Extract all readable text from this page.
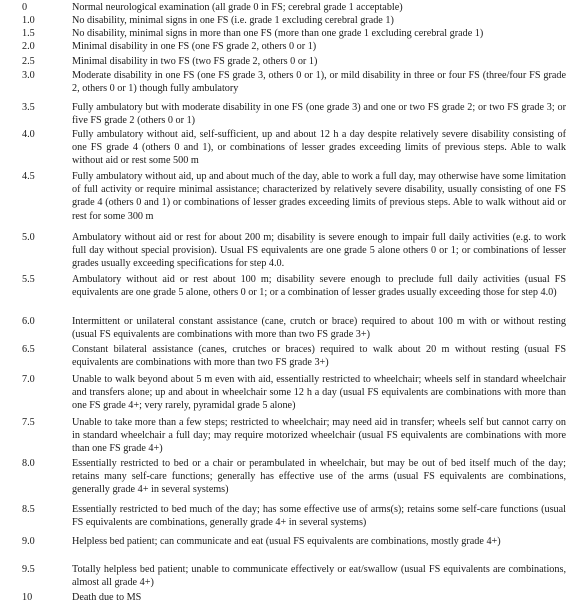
0	Normal neurological examination (all grade 0 in FS; cerebral grade 1 acceptable)
1.0	No disability, minimal signs in one FS (i.e. grade 1 excluding cerebral grade 1)
1.5	No disability, minimal signs in more than one FS (more than one grade 1 excluding cerebral grade 1)
2.0	Minimal disability in one FS (one FS grade 2, others 0 or 1)
2.5	Minimal disability in two FS (two FS grade 2, others 0 or 1)
3.0	Moderate disability in one FS (one FS grade 3, others 0 or 1), or mild disability in three or four FS (three/four FS grade 2, others 0 or 1) though fully ambulatory
3.5	Fully ambulatory but with moderate disability in one FS (one grade 3) and one or two FS grade 2; or two FS grade 3; or five FS grade 2 (others 0 or 1)
4.0	Fully ambulatory without aid, self-sufficient, up and about 12 h a day despite relatively severe disability consisting of one FS grade 4 (others 0 and 1), or combinations of lesser grades exceeding limits of previous steps. Able to walk without aid or rest some 500 m
4.5	Fully ambulatory without aid, up and about much of the day, able to work a full day, may otherwise have some limitation of full activity or require minimal assistance; characterized by relatively severe disability, usually consisting of one FS grade 4 (others 0 and 1) or combinations of lesser grades exceeding limits of previous steps. Able to walk without aid or rest for some 300 m
5.0	Ambulatory without aid or rest for about 200 m; disability is severe enough to impair full daily activities (e.g. to work full day without special provision). Usual FS equivalents are one grade 5 alone others 0 or 1; or combinations of lesser grades usually exceeding specifications for step 4.0.
5.5	Ambulatory without aid or rest about 100 m; disability severe enough to preclude full daily activities (usual FS equivalents are one grade 5 alone, others 0 or 1; or a combination of lesser grades usually exceeding those for step 4.0)
6.0	Intermittent or unilateral constant assistance (cane, crutch or brace) required to about 100 m with or without resting (usual FS equivalents are combinations with more than two FS grade 3+)
6.5	Constant bilateral assistance (canes, crutches or braces) required to walk about 20 m without resting (usual FS equivalents are combinations with more than two FS grade 3+)
7.0	Unable to walk beyond about 5 m even with aid, essentially restricted to wheelchair; wheels self in standard wheelchair and transfers alone; up and about in wheelchair some 12 h a day (usual FS equivalents are combinations with more than one FS grade 4+; very rarely, pyramidal grade 5 alone)
7.5	Unable to take more than a few steps; restricted to wheelchair; may need aid in transfer; wheels self but cannot carry on in standard wheelchair a full day; may require motorized wheelchair (usual FS equivalents are combinations with more than one FS grade 4+)
8.0	Essentially restricted to bed or a chair or perambulated in wheelchair, but may be out of bed itself much of the day; retains many self-care functions; generally has effective use of the arms (usual FS equivalents are combinations, generally grade 4+ in several systems)
8.5	Essentially restricted to bed much of the day; has some effective use of arms(s); retains some self-care functions (usual FS equivalents are combinations, generally grade 4+ in several systems)
9.0	Helpless bed patient; can communicate and eat (usual FS equivalents are combinations, mostly grade 4+)
9.5	Totally helpless bed patient; unable to communicate effectively or eat/swallow (usual FS equivalents are combinations, almost all grade 4+)
10	Death due to MS
